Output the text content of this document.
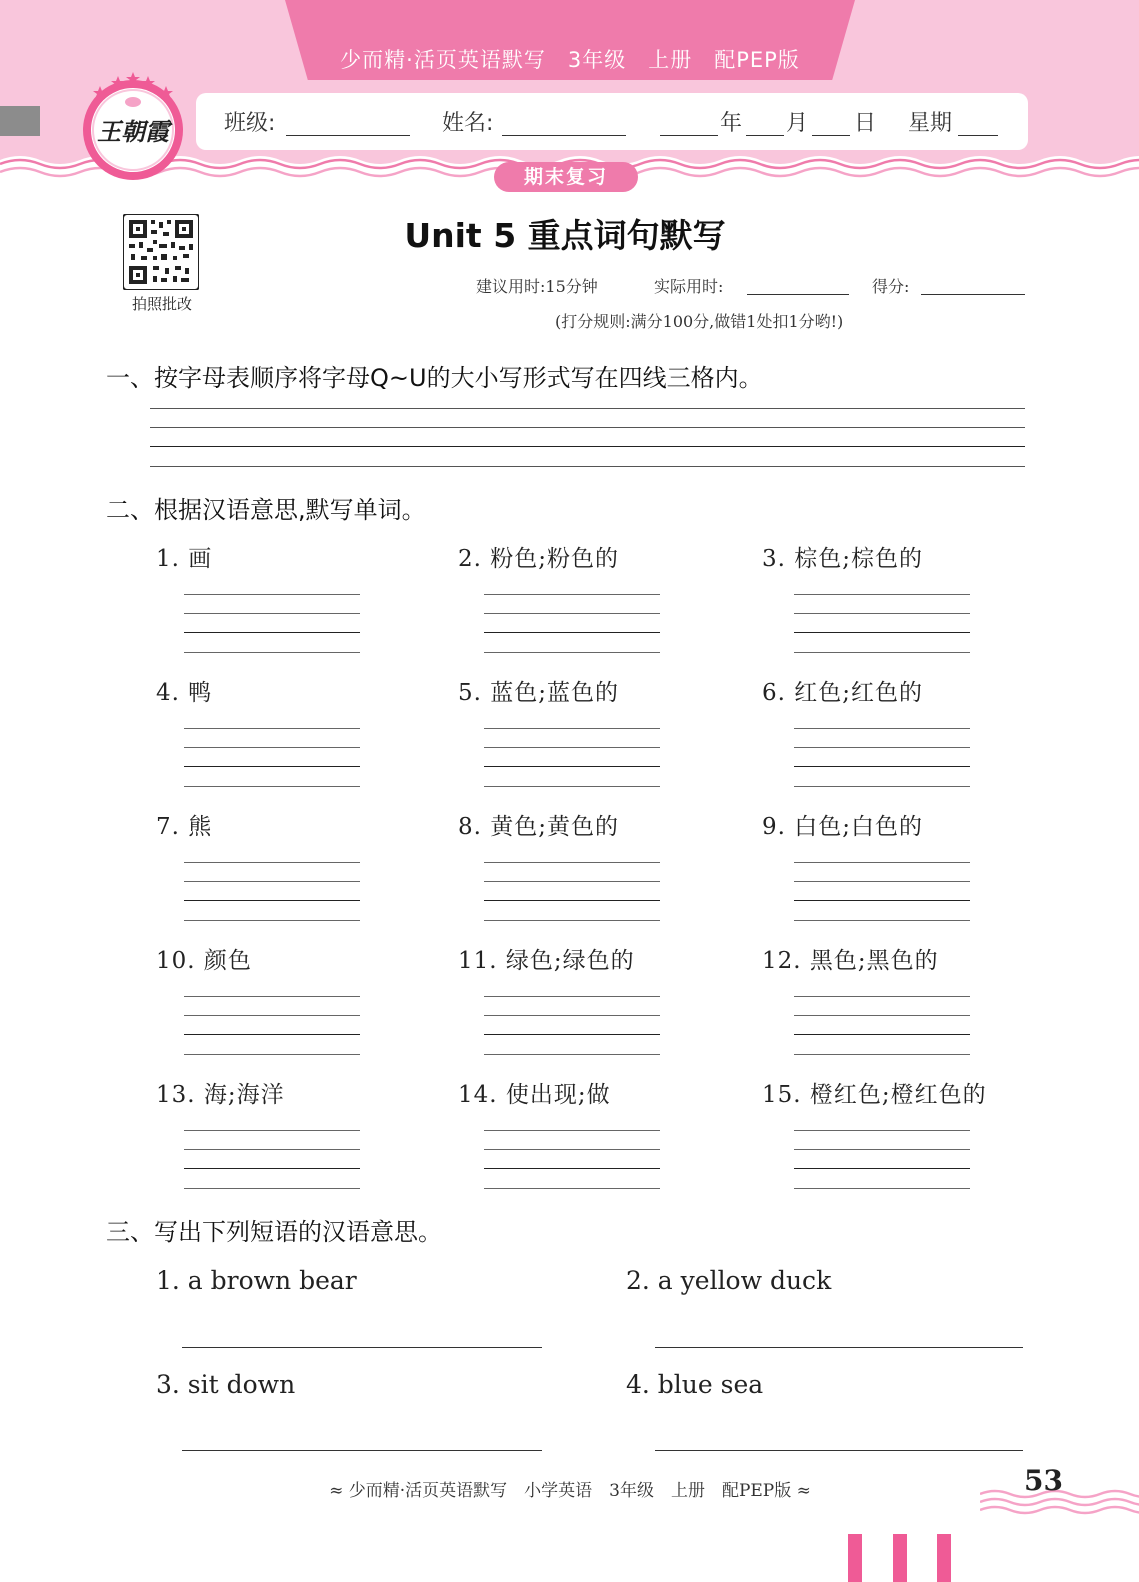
少而精·活页英语默写　3年级　上册　配PEP版
王朝霞	班级:	姓名:	年 月 日 星期
期末复习
拍照批改
Unit 5 重点词句默写
建议用时:15分钟	实际用时:	得分:
(打分规则:满分100分,做错1处扣1分哟!)
一、按字母表顺序将字母Q~U的大小写形式写在四线三格内。
二、根据汉语意思,默写单词。
1. 画	2. 粉色;粉色的	3. 棕色;棕色的
4. 鸭	5. 蓝色;蓝色的	6. 红色;红色的
7. 熊	8. 黄色;黄色的	9. 白色;白色的
10. 颜色	11. 绿色;绿色的	12. 黑色;黑色的
13. 海;海洋	14. 使出现;做	15. 橙红色;橙红色的
三、写出下列短语的汉语意思。
1. a brown bear	2. a yellow duck
3. sit down	4. blue sea
≈ 少而精·活页英语默写　小学英语　3年级　上册　配PEP版 ≈	53
